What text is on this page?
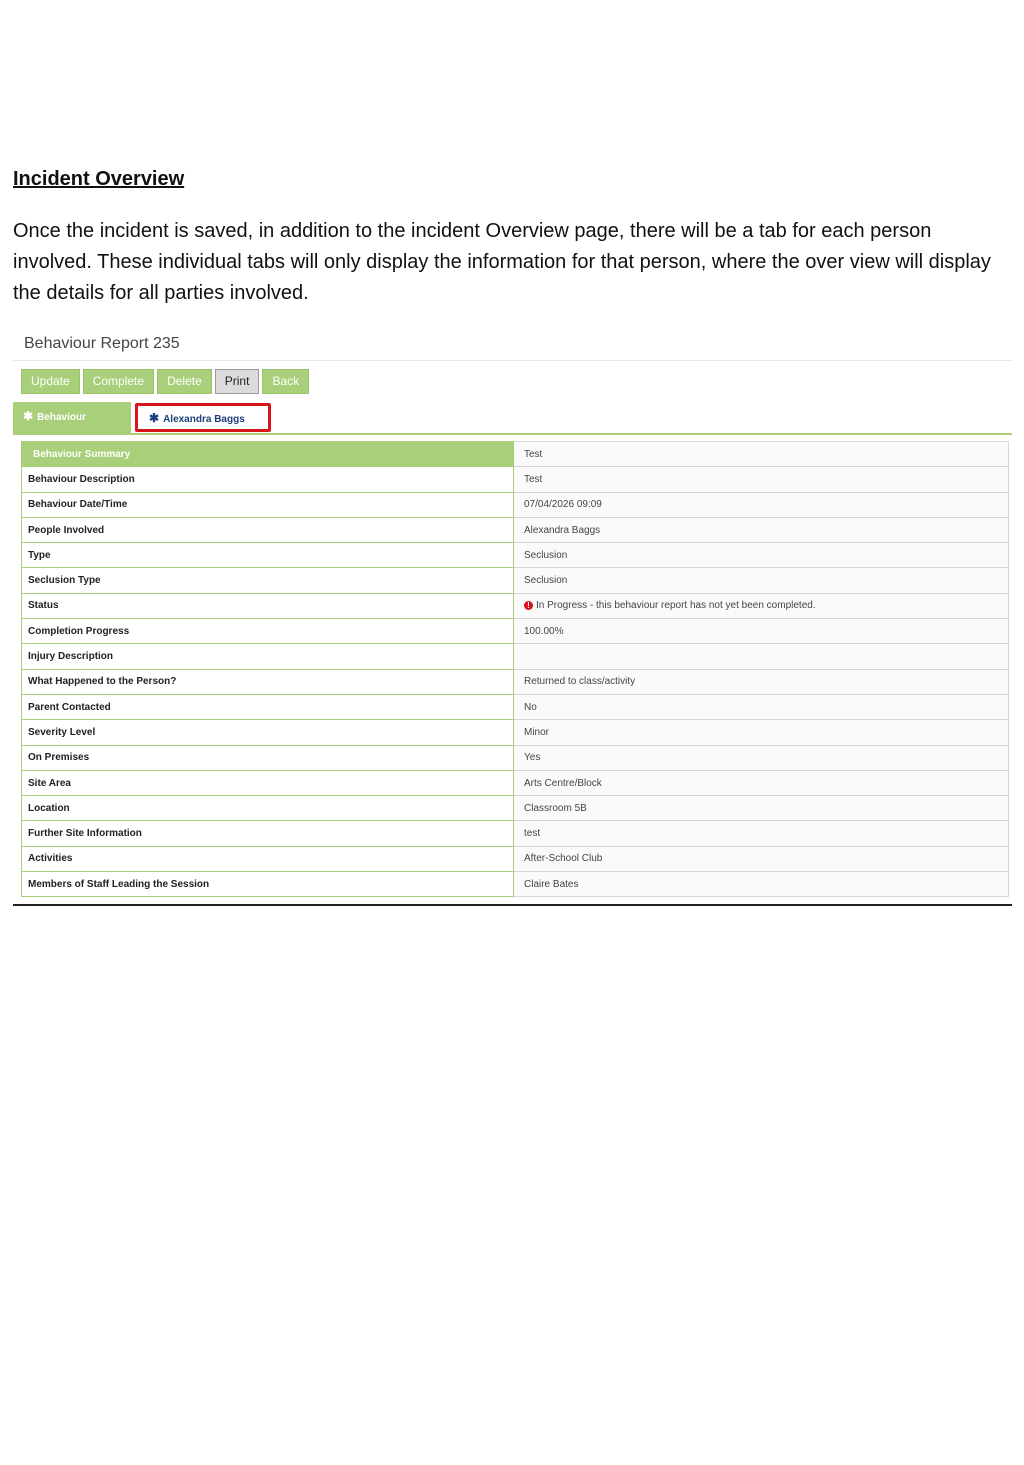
Incident Overview

Once the incident is saved, in addition to the incident Overview page, there will be a tab for each person involved. These individual tabs will only display the information for that person, where the over view will display the details for all parties involved.

Behaviour Report 235
Update	Complete	Delete	Print	Back
✱ Behaviour	✱ Alexandra Baggs
Behaviour Summary	Test
Behaviour Description	Test
Behaviour Date/Time	07/04/2026 09:09
People Involved	Alexandra Baggs
Type	Seclusion
Seclusion Type	Seclusion
Status	! In Progress - this behaviour report has not yet been completed.
Completion Progress	100.00%
Injury Description	
What Happened to the Person?	Returned to class/activity
Parent Contacted	No
Severity Level	Minor
On Premises	Yes
Site Area	Arts Centre/Block
Location	Classroom 5B
Further Site Information	test
Activities	After-School Club
Members of Staff Leading the Session	Claire Bates
